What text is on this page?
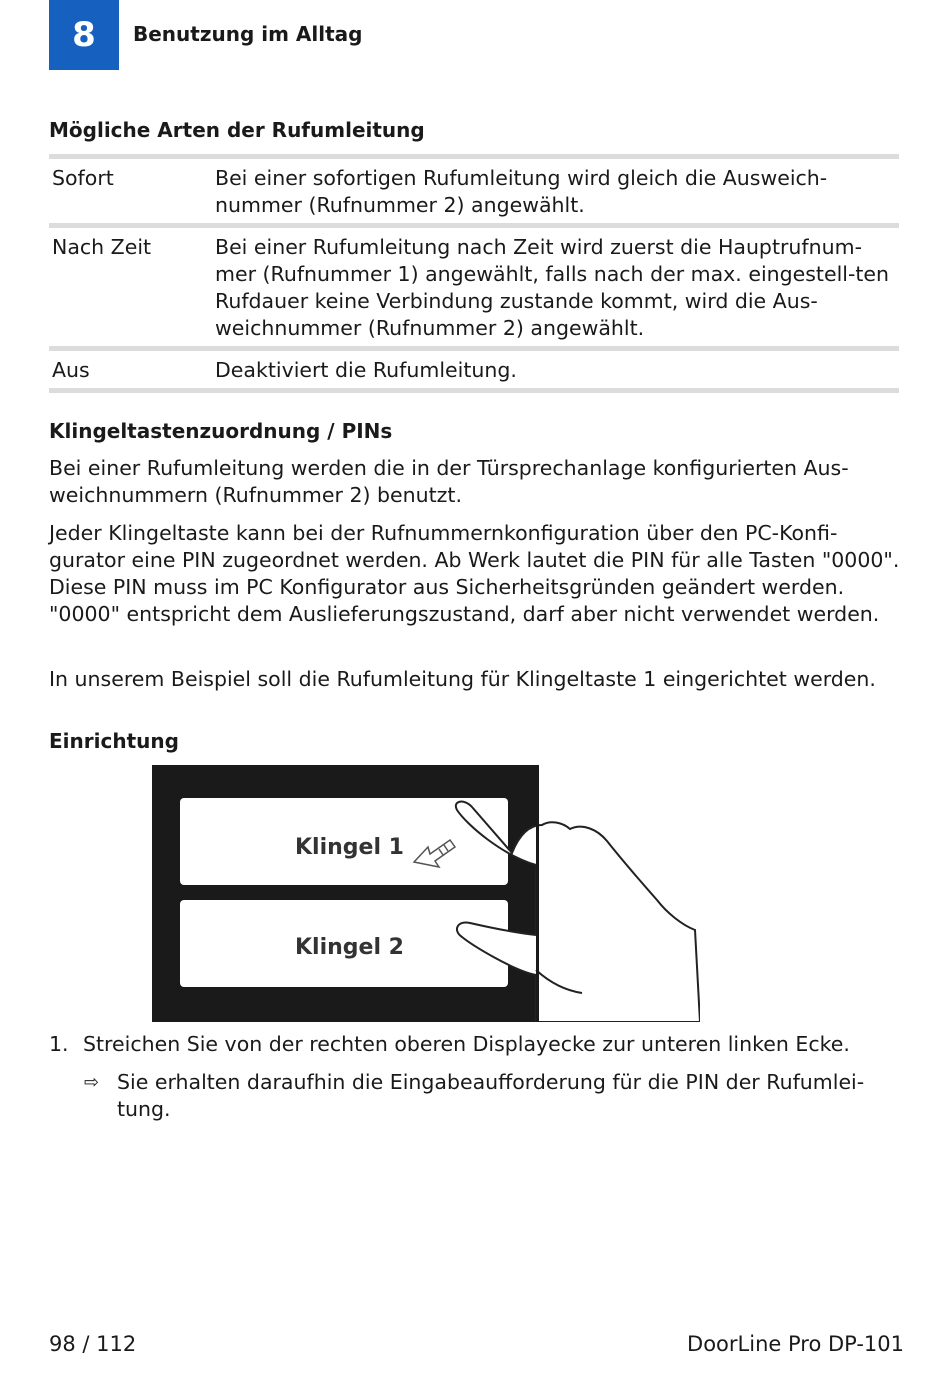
8	Benutzung im Alltag
Mögliche Arten der Rufumleitung
Sofort	Bei einer sofortigen Rufumleitung wird gleich die Ausweich-nummer (Rufnummer 2) angewählt.
Nach Zeit	Bei einer Rufumleitung nach Zeit wird zuerst die Hauptrufnum-mer (Rufnummer 1) angewählt, falls nach der max. eingestell-ten Rufdauer keine Verbindung zustande kommt, wird die Aus-weichnummer (Rufnummer 2) angewählt.
Aus	Deaktiviert die Rufumleitung.
Klingeltastenzuordnung / PINs
Bei einer Rufumleitung werden die in der Türsprechanlage konfigurierten Aus-weichnummern (Rufnummer 2) benutzt.
Jeder Klingeltaste kann bei der Rufnummernkonfiguration über den PC-Konfi-gurator eine PIN zugeordnet werden. Ab Werk lautet die PIN für alle Tasten "0000". Diese PIN muss im PC Konfigurator aus Sicherheitsgründen geändert werden. "0000" entspricht dem Auslieferungszustand, darf aber nicht verwendet werden.
In unserem Beispiel soll die Rufumleitung für Klingeltaste 1 eingerichtet werden.
Einrichtung
Klingel 1
Klingel 2
1. Streichen Sie von der rechten oberen Displayecke zur unteren linken Ecke.
⇨ Sie erhalten daraufhin die Eingabeaufforderung für die PIN der Rufumlei-tung.
98 / 112	DoorLine Pro DP-101
